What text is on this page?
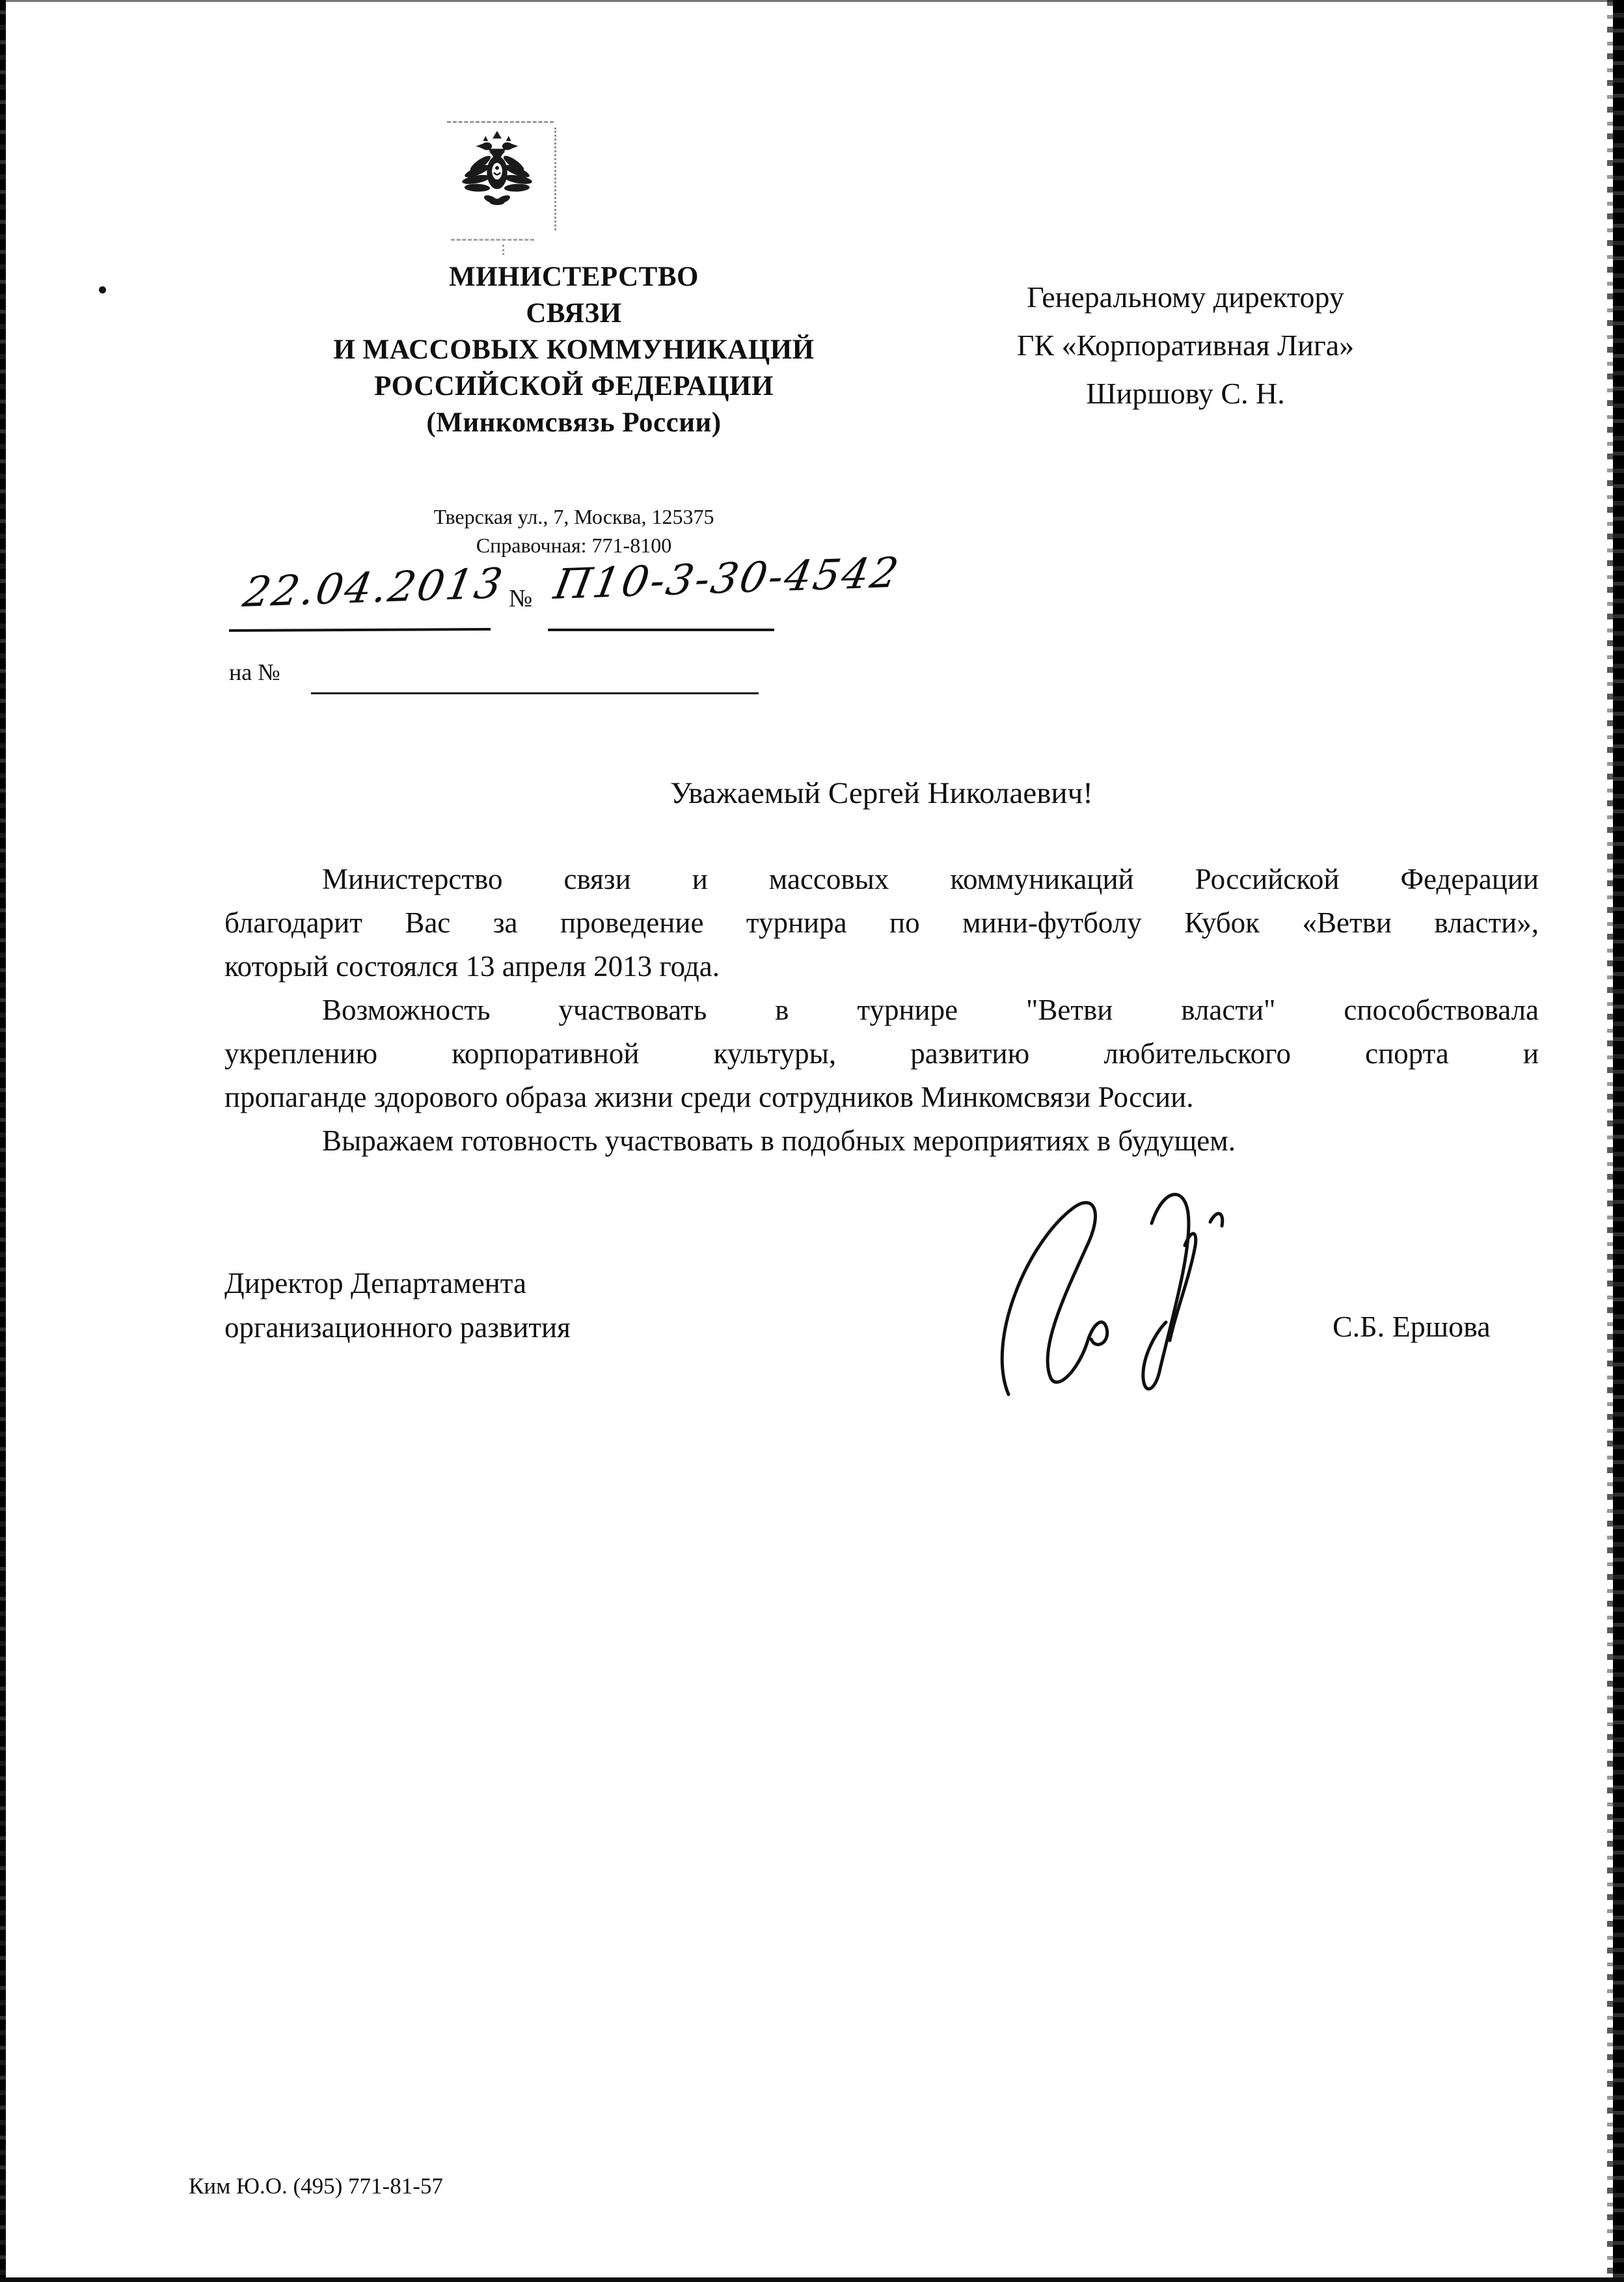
МИНИСТЕРСТВО
СВЯЗИ
И МАССОВЫХ КОММУНИКАЦИЙ
РОССИЙСКОЙ ФЕДЕРАЦИИ
(Минкомсвязь России)
Генеральному директору
ГК «Корпоративная Лига»
Ширшову С. Н.
Тверская ул., 7, Москва, 125375
Справочная: 771-8100
22.04.2013 № П10-3-30-4542
на №
Уважаемый Сергей Николаевич!
Министерство связи и массовых коммуникаций Российской Федерации
благодарит Вас за проведение турнира по мини-футболу Кубок «Ветви власти»,
который состоялся 13 апреля 2013 года.
Возможность участвовать в турнире "Ветви власти" способствовала
укреплению корпоративной культуры, развитию любительского спорта и
пропаганде здорового образа жизни среди сотрудников Минкомсвязи России.
Выражаем готовность участвовать в подобных мероприятиях в будущем.
Директор Департамента
организационного развития	С.Б. Ершова
Ким Ю.О. (495) 771-81-57
